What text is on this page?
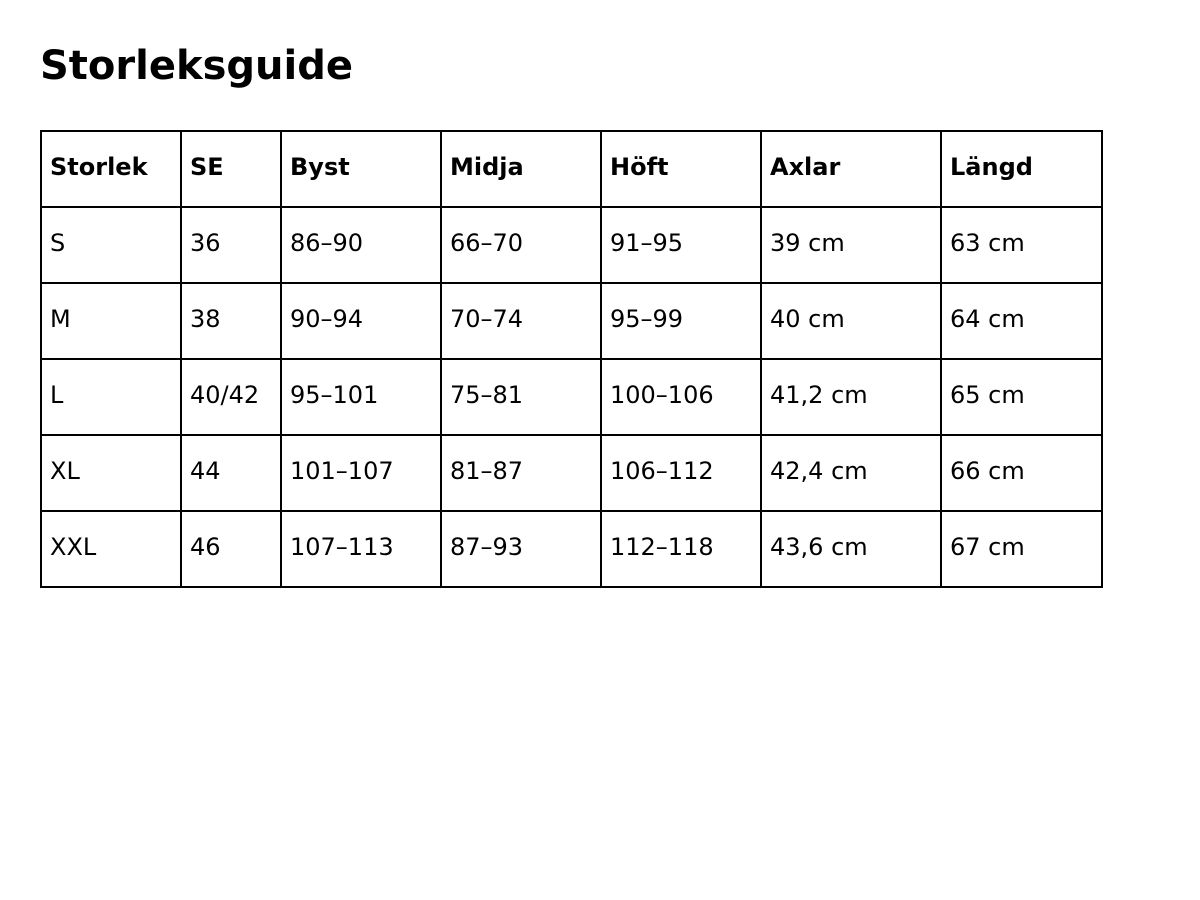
Storleksguide
Storlek	SE	Byst	Midja	Höft	Axlar	Längd
S	36	86–90	66–70	91–95	39 cm	63 cm
M	38	90–94	70–74	95–99	40 cm	64 cm
L	40/42	95–101	75–81	100–106	41,2 cm	65 cm
XL	44	101–107	81–87	106–112	42,4 cm	66 cm
XXL	46	107–113	87–93	112–118	43,6 cm	67 cm
